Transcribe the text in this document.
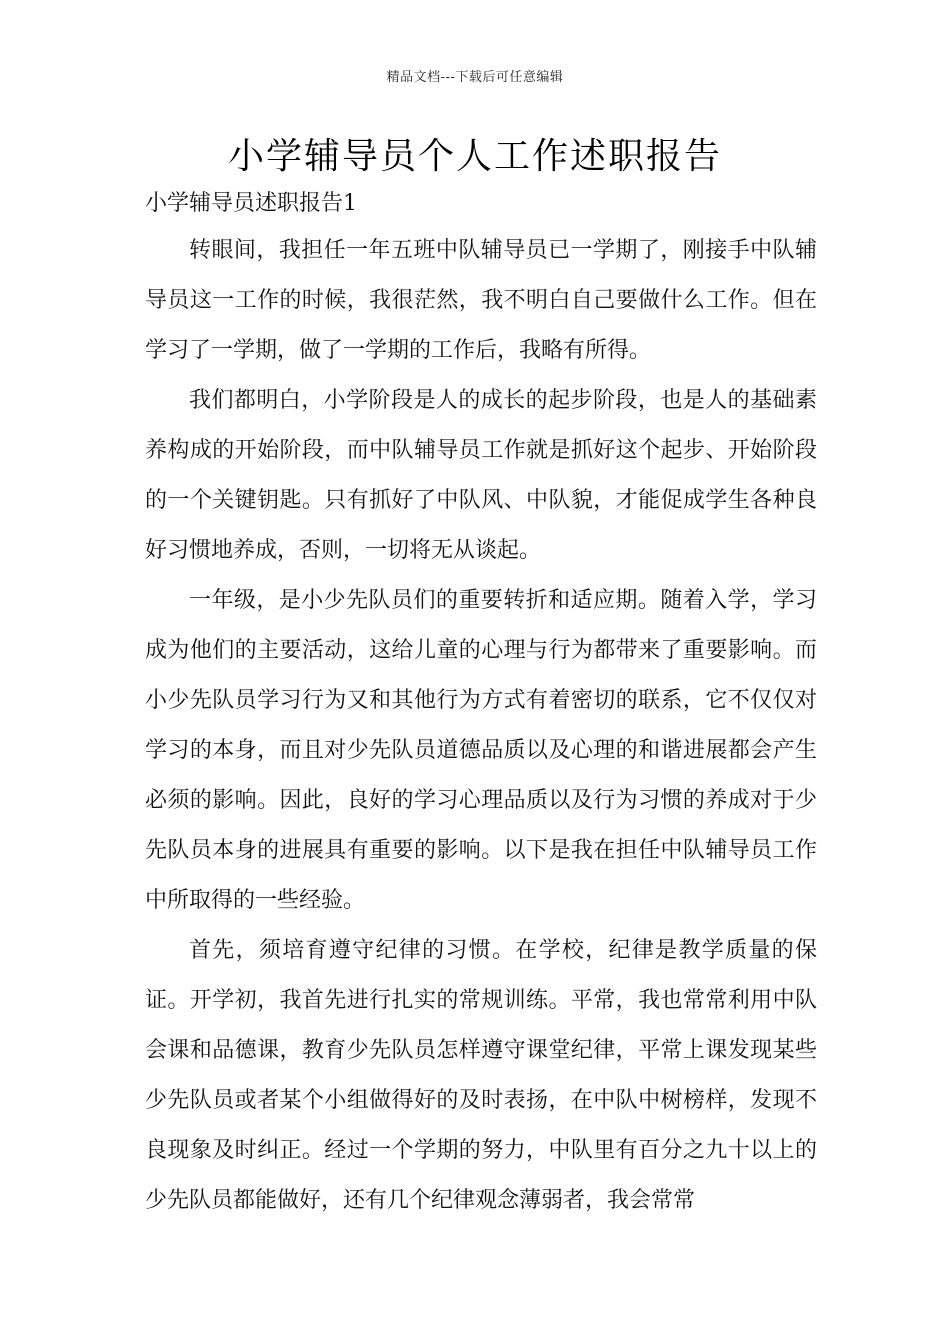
精品文档---下载后可任意编辑
小学辅导员个人工作述职报告
小学辅导员述职报告1

转眼间，我担任一年五班中队辅导员已一学期了，刚接手中队辅导员这一工作的时候，我很茫然，我不明白自己要做什么工作。但在学习了一学期，做了一学期的工作后，我略有所得。

我们都明白，小学阶段是人的成长的起步阶段，也是人的基础素养构成的开始阶段，而中队辅导员工作就是抓好这个起步、开始阶段的一个关键钥匙。只有抓好了中队风、中队貌，才能促成学生各种良好习惯地养成，否则，一切将无从谈起。

一年级，是小少先队员们的重要转折和适应期。随着入学，学习成为他们的主要活动，这给儿童的心理与行为都带来了重要影响。而小少先队员学习行为又和其他行为方式有着密切的联系，它不仅仅对学习的本身，而且对少先队员道德品质以及心理的和谐进展都会产生必须的影响。因此，良好的学习心理品质以及行为习惯的养成对于少先队员本身的进展具有重要的影响。以下是我在担任中队辅导员工作中所取得的一些经验。

首先，须培育遵守纪律的习惯。在学校，纪律是教学质量的保证。开学初，我首先进行扎实的常规训练。平常，我也常常利用中队会课和品德课，教育少先队员怎样遵守课堂纪律，平常上课发现某些少先队员或者某个小组做得好的及时表扬，在中队中树榜样，发现不良现象及时纠正。经过一个学期的努力，中队里有百分之九十以上的少先队员都能做好，还有几个纪律观念薄弱者，我会常常
